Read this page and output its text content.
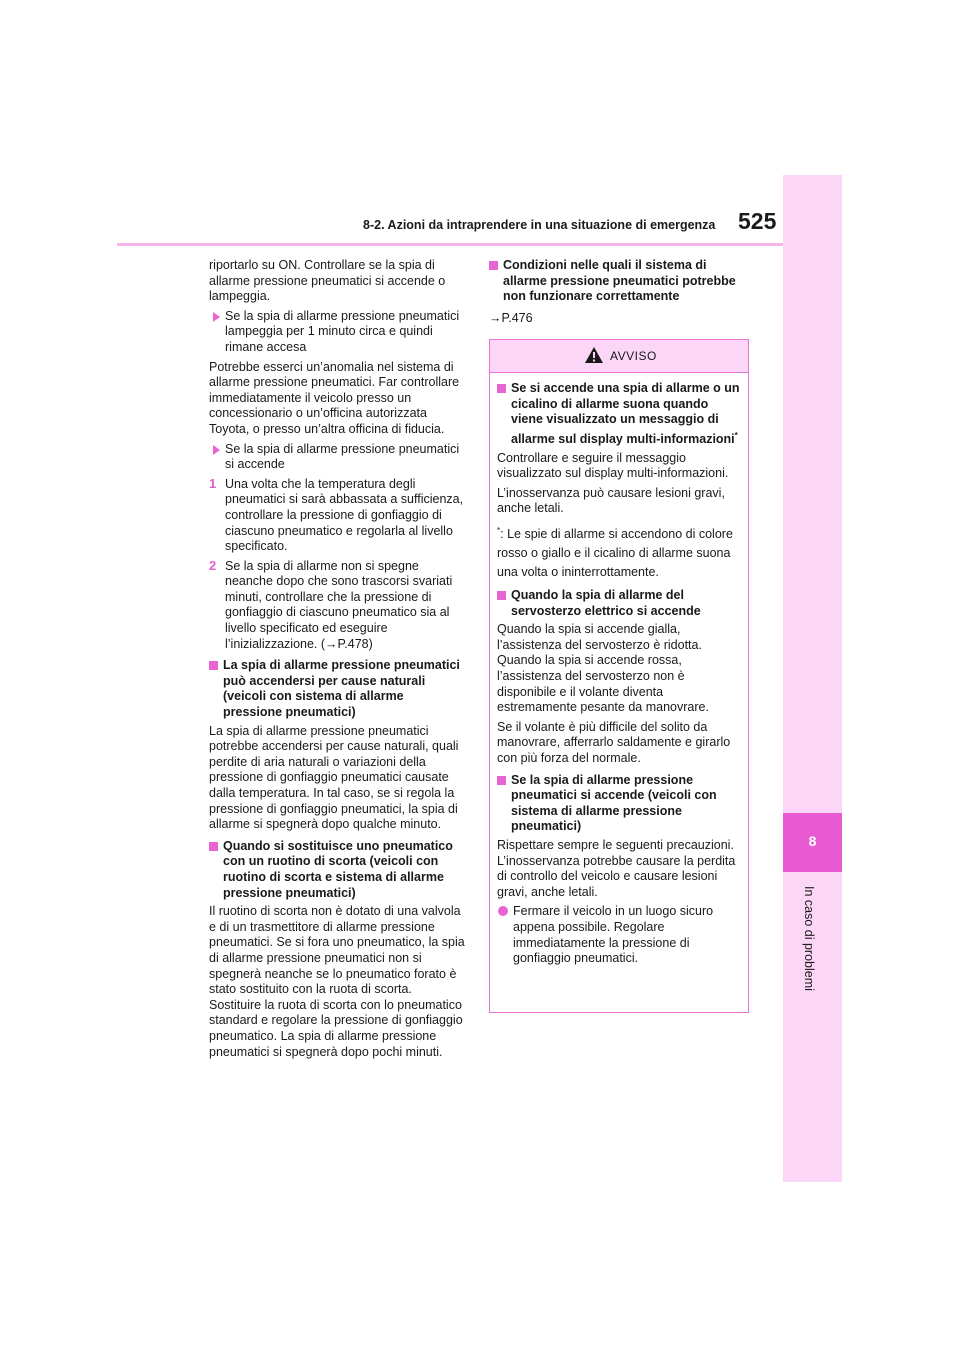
8-2. Azioni da intraprendere in una situazione di emergenza 525
8
In caso di problemi

riportarlo su ON. Controllare se la spia di allarme pressione pneumatici si accende o lampeggia.

Se la spia di allarme pressione pneumatici lampeggia per 1 minuto circa e quindi rimane accesa

Potrebbe esserci un’anomalia nel sistema di allarme pressione pneumatici. Far controllare immediatamente il veicolo presso un concessionario o un’officina autorizzata Toyota, o presso un’altra officina di fiducia.

Se la spia di allarme pressione pneumatici si accende
1 Una volta che la temperatura degli pneumatici si sarà abbassata a sufficienza, controllare la pressione di gonfiaggio di ciascuno pneumatico e regolarla al livello specificato.
2 Se la spia di allarme non si spegne neanche dopo che sono trascorsi svariati minuti, controllare che la pressione di gonfiaggio di ciascuno pneumatico sia al livello specificato ed eseguire l’inizializzazione. (→P.478)
La spia di allarme pressione pneumatici può accendersi per cause naturali (veicoli con sistema di allarme pressione pneumatici)

La spia di allarme pressione pneumatici potrebbe accendersi per cause naturali, quali perdite di aria naturali o variazioni della pressione di gonfiaggio pneumatici causate dalla temperatura. In tal caso, se si regola la pressione di gonfiaggio pneumatici, la spia di allarme si spegnerà dopo qualche minuto.

Quando si sostituisce uno pneumatico con un ruotino di scorta (veicoli con ruotino di scorta e sistema di allarme pressione pneumatici)

Il ruotino di scorta non è dotato di una valvola e di un trasmettitore di allarme pressione pneumatici. Se si fora uno pneumatico, la spia di allarme pressione pneumatici non si spegnerà neanche se lo pneumatico forato è stato sostituito con la ruota di scorta. Sostituire la ruota di scorta con lo pneumatico standard e regolare la pressione di gonfiaggio pneumatico. La spia di allarme pressione pneumatici si spegnerà dopo pochi minuti.

Condizioni nelle quali il sistema di allarme pressione pneumatici potrebbe non funzionare correttamente
→P.476
AVVISO
Se si accende una spia di allarme o un cicalino di allarme suona quando viene visualizzato un messaggio di allarme sul display multi-informazioni*

Controllare e seguire il messaggio visualizzato sul display multi-informazioni.

L’inosservanza può causare lesioni gravi, anche letali.

*: Le spie di allarme si accendono di colore rosso o giallo e il cicalino di allarme suona una volta o ininterrottamente.
Quando la spia di allarme del servosterzo elettrico si accende

Quando la spia si accende gialla, l’assistenza del servosterzo è ridotta. Quando la spia si accende rossa, l’assistenza del servosterzo non è disponibile e il volante diventa estremamente pesante da manovrare.

Se il volante è più difficile del solito da manovrare, afferrarlo saldamente e girarlo con più forza del normale.

Se la spia di allarme pressione pneumatici si accende (veicoli con sistema di allarme pressione pneumatici)

Rispettare sempre le seguenti precauzioni. L’inosservanza potrebbe causare la perdita di controllo del veicolo e causare lesioni gravi, anche letali.

Fermare il veicolo in un luogo sicuro appena possibile. Regolare immediatamente la pressione di gonfiaggio pneumatici.
